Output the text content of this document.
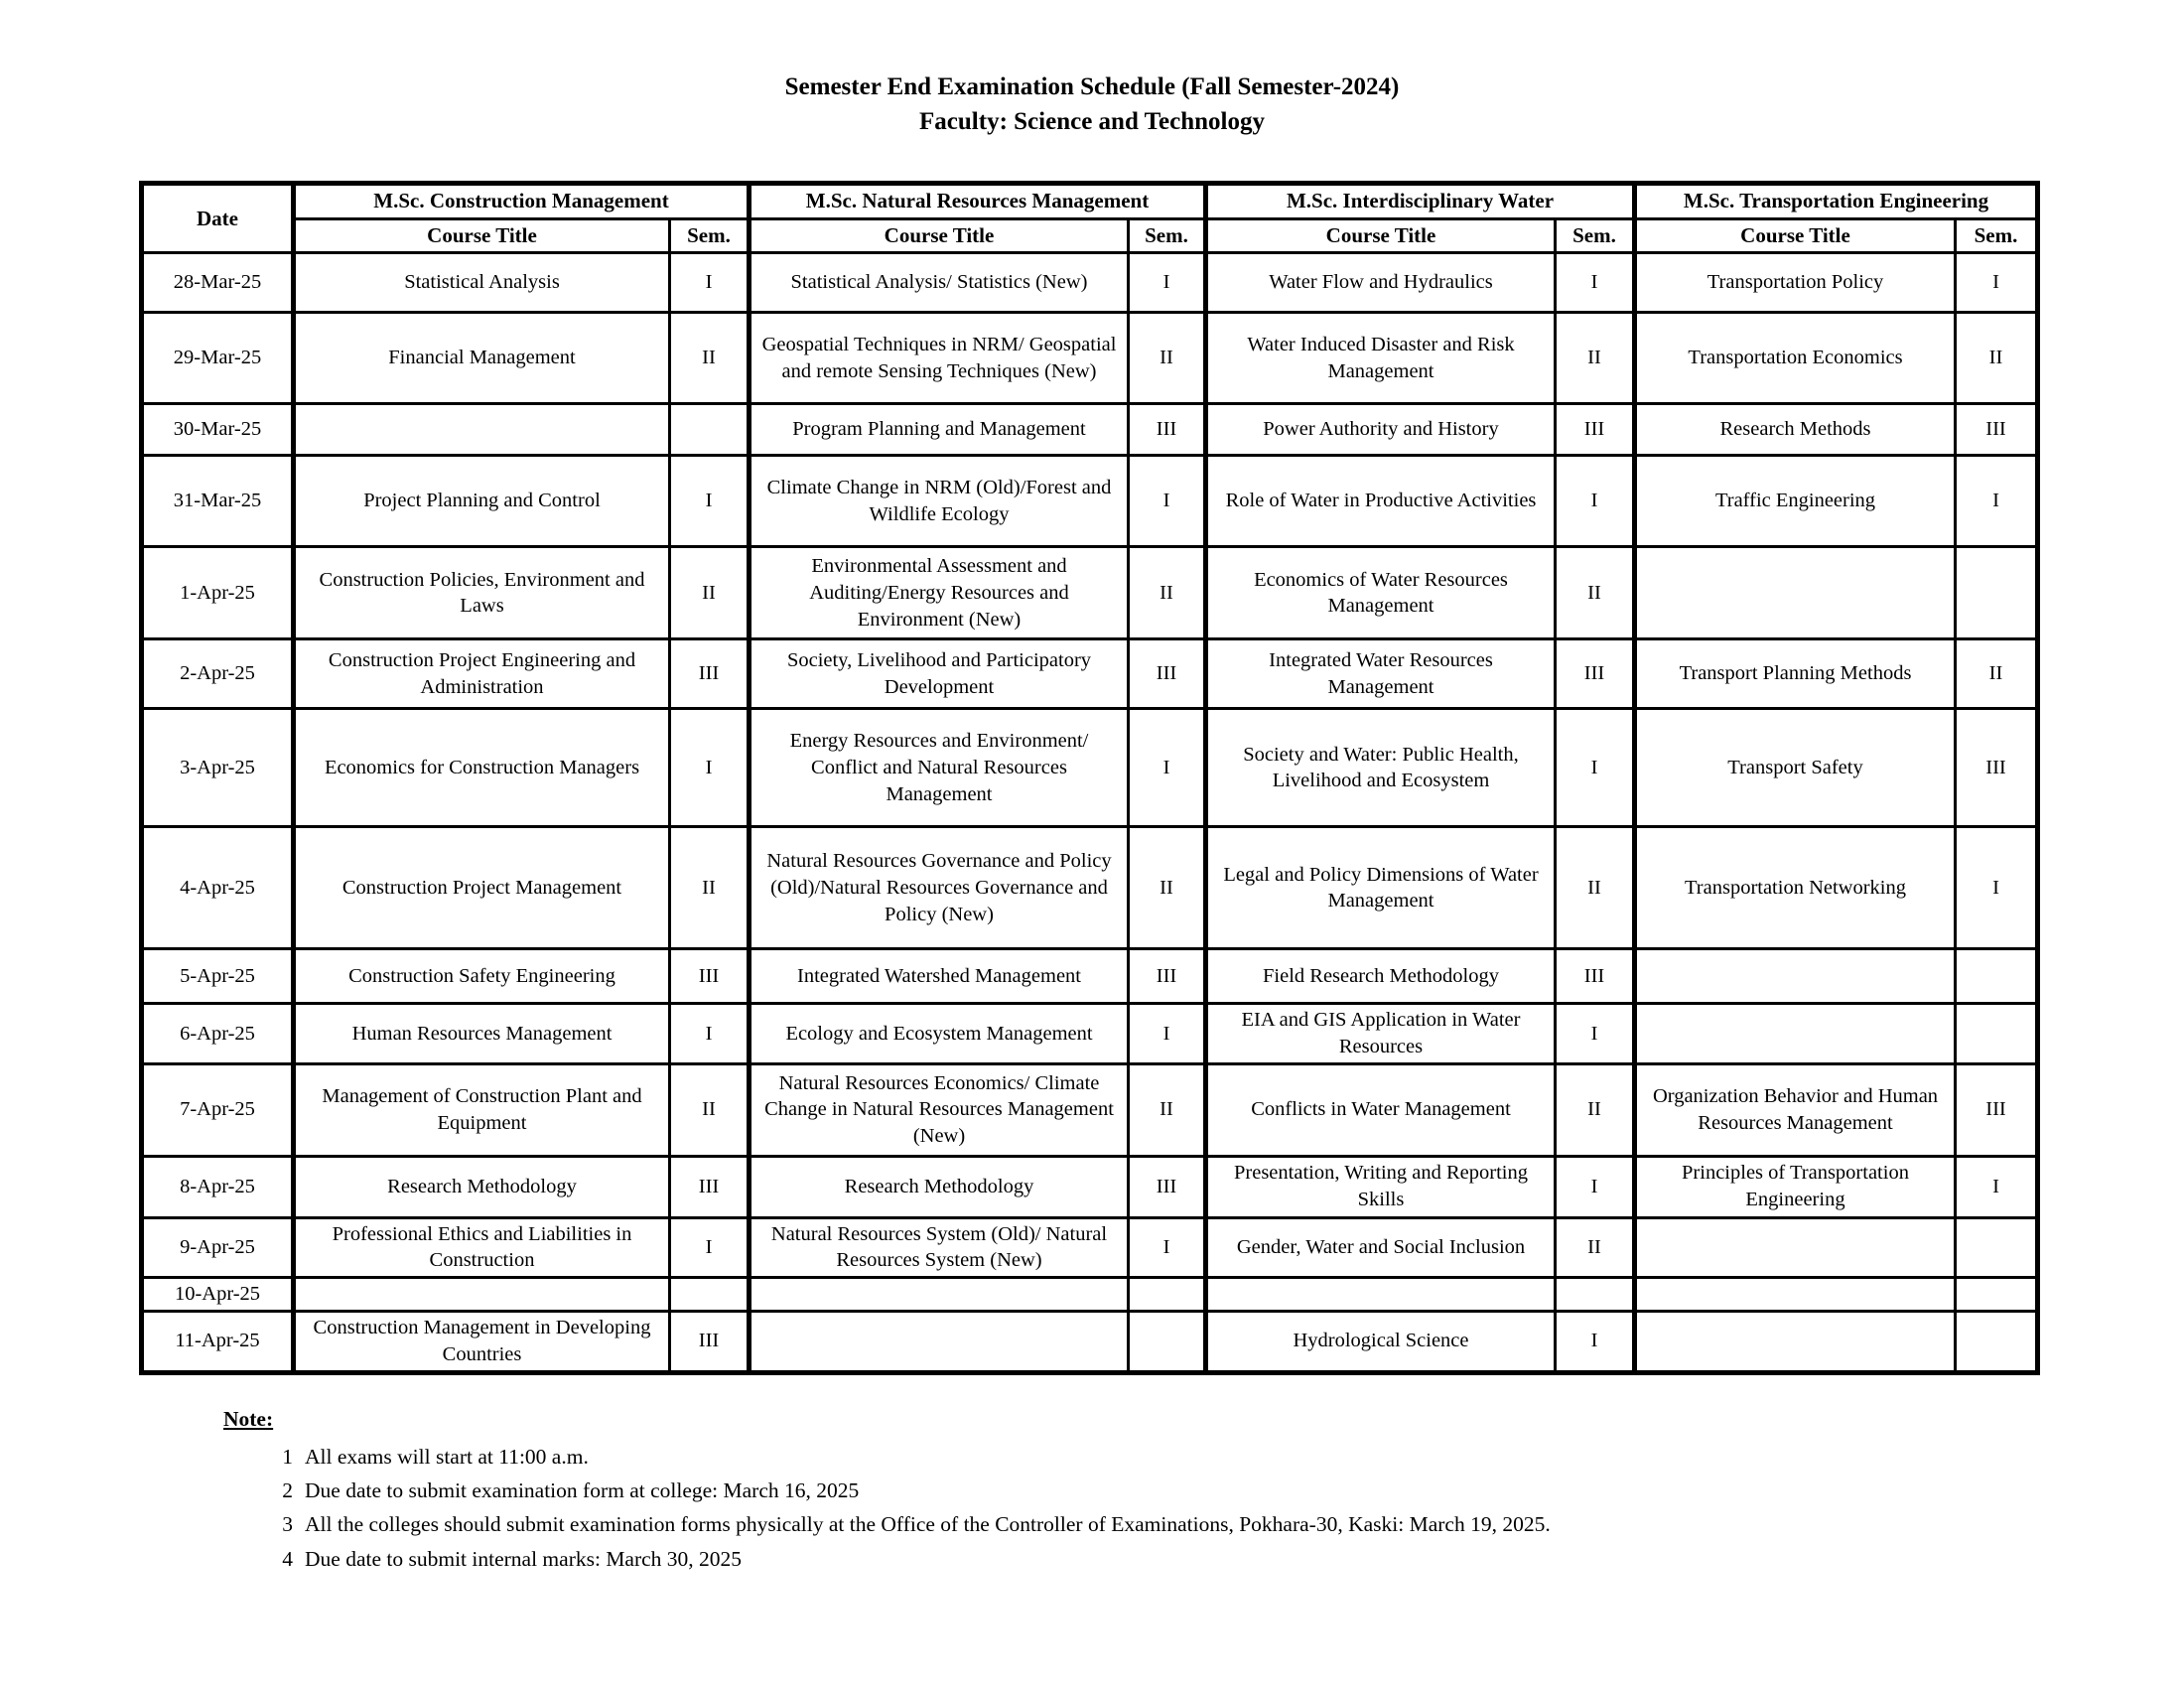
Semester End Examination Schedule (Fall Semester-2024)
Faculty: Science and Technology
Date	M.Sc. Construction Management		M.Sc. Natural Resources Management		M.Sc. Interdisciplinary Water		M.Sc. Transportation Engineering	
	Course Title	Sem.	Course Title	Sem.	Course Title	Sem.	Course Title	Sem.
28-Mar-25	Statistical Analysis	I	Statistical Analysis/ Statistics (New)	I	Water Flow and Hydraulics	I	Transportation Policy	I
29-Mar-25	Financial Management	II	Geospatial Techniques in NRM/ Geospatial and remote Sensing Techniques (New)	II	Water Induced Disaster and Risk Management	II	Transportation Economics	II
30-Mar-25			Program Planning and Management	III	Power Authority and History	III	Research Methods	III
31-Mar-25	Project Planning and Control	I	Climate Change in NRM (Old)/Forest and Wildlife Ecology	I	Role of Water in Productive Activities	I	Traffic Engineering	I
1-Apr-25	Construction Policies, Environment and Laws	II	Environmental Assessment and Auditing/Energy Resources and Environment (New)	II	Economics of Water Resources Management	II		
2-Apr-25	Construction Project Engineering and Administration	III	Society, Livelihood and Participatory Development	III	Integrated Water Resources Management	III	Transport Planning Methods	II
3-Apr-25	Economics for Construction Managers	I	Energy Resources and Environment/ Conflict and Natural Resources Management	I	Society and Water: Public Health, Livelihood and Ecosystem	I	Transport Safety	III
4-Apr-25	Construction Project Management	II	Natural Resources Governance and Policy (Old)/Natural Resources Governance and Policy (New)	II	Legal and Policy Dimensions of Water Management	II	Transportation Networking	I
5-Apr-25	Construction Safety Engineering	III	Integrated Watershed Management	III	Field Research Methodology	III		
6-Apr-25	Human Resources Management	I	Ecology and Ecosystem Management	I	EIA and GIS Application in Water Resources	I		
7-Apr-25	Management of Construction Plant and Equipment	II	Natural Resources Economics/ Climate Change in Natural Resources Management (New)	II	Conflicts in Water Management	II	Organization Behavior and Human Resources Management	III
8-Apr-25	Research Methodology	III	Research Methodology	III	Presentation, Writing and Reporting Skills	I	Principles of Transportation Engineering	I
9-Apr-25	Professional Ethics and Liabilities in Construction	I	Natural Resources System (Old)/ Natural Resources System (New)	I	Gender, Water and Social Inclusion	II		
10-Apr-25								
11-Apr-25	Construction Management in Developing Countries	III			Hydrological Science	I		
Note:
1 All exams will start at 11:00 a.m.
2 Due date to submit examination form at college: March 16, 2025
3 All the colleges should submit examination forms physically at the Office of the Controller of Examinations, Pokhara-30, Kaski: March 19, 2025.
4 Due date to submit internal marks: March 30, 2025
